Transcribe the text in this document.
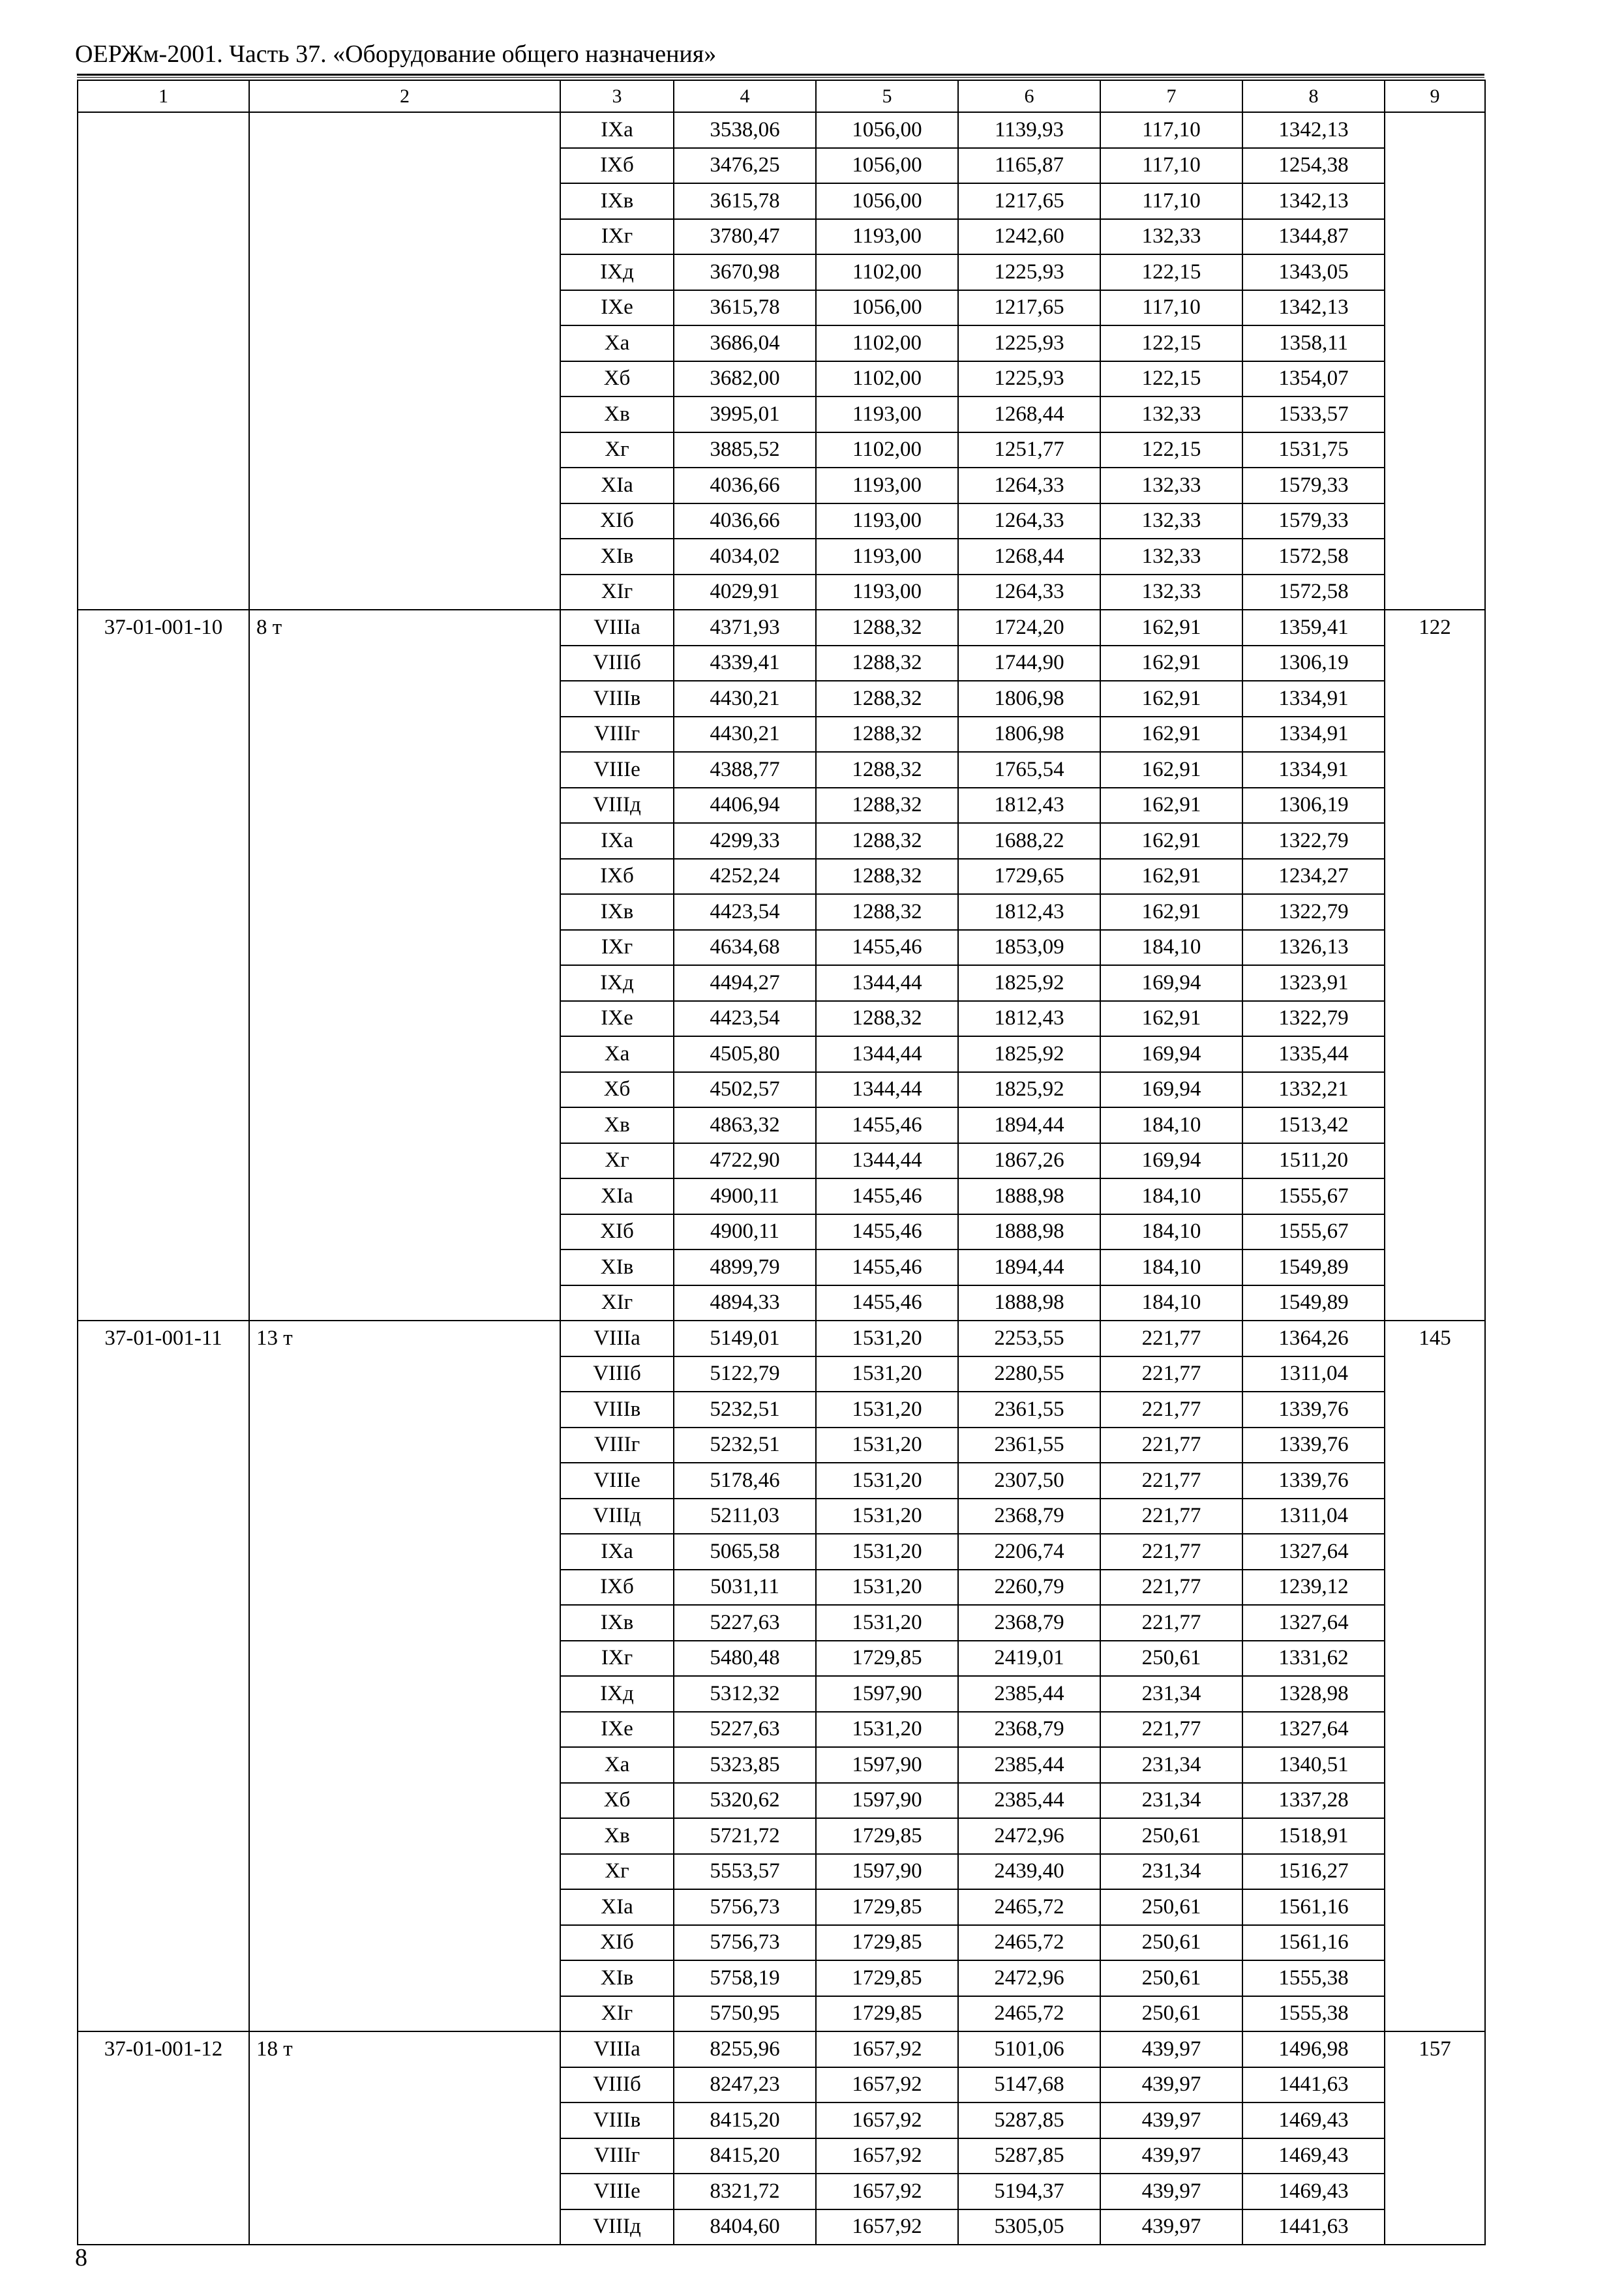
ОЕРЖм-2001. Часть 37. «Оборудование общего назначения»
1	2	3	4	5	6	7	8	9
		IXа	3538,06	1056,00	1139,93	117,10	1342,13	
		IXб	3476,25	1056,00	1165,87	117,10	1254,38	
		IXв	3615,78	1056,00	1217,65	117,10	1342,13	
		IXг	3780,47	1193,00	1242,60	132,33	1344,87	
		IXд	3670,98	1102,00	1225,93	122,15	1343,05	
		IXе	3615,78	1056,00	1217,65	117,10	1342,13	
		Xа	3686,04	1102,00	1225,93	122,15	1358,11	
		Xб	3682,00	1102,00	1225,93	122,15	1354,07	
		Xв	3995,01	1193,00	1268,44	132,33	1533,57	
		Xг	3885,52	1102,00	1251,77	122,15	1531,75	
		XIа	4036,66	1193,00	1264,33	132,33	1579,33	
		XIб	4036,66	1193,00	1264,33	132,33	1579,33	
		XIв	4034,02	1193,00	1268,44	132,33	1572,58	
		XIг	4029,91	1193,00	1264,33	132,33	1572,58	
37-01-001-10	8 т	VIIIа	4371,93	1288,32	1724,20	162,91	1359,41	122
		VIIIб	4339,41	1288,32	1744,90	162,91	1306,19	
		VIIIв	4430,21	1288,32	1806,98	162,91	1334,91	
		VIIIг	4430,21	1288,32	1806,98	162,91	1334,91	
		VIIIе	4388,77	1288,32	1765,54	162,91	1334,91	
		VIIIд	4406,94	1288,32	1812,43	162,91	1306,19	
		IXа	4299,33	1288,32	1688,22	162,91	1322,79	
		IXб	4252,24	1288,32	1729,65	162,91	1234,27	
		IXв	4423,54	1288,32	1812,43	162,91	1322,79	
		IXг	4634,68	1455,46	1853,09	184,10	1326,13	
		IXд	4494,27	1344,44	1825,92	169,94	1323,91	
		IXе	4423,54	1288,32	1812,43	162,91	1322,79	
		Xа	4505,80	1344,44	1825,92	169,94	1335,44	
		Xб	4502,57	1344,44	1825,92	169,94	1332,21	
		Xв	4863,32	1455,46	1894,44	184,10	1513,42	
		Xг	4722,90	1344,44	1867,26	169,94	1511,20	
		XIа	4900,11	1455,46	1888,98	184,10	1555,67	
		XIб	4900,11	1455,46	1888,98	184,10	1555,67	
		XIв	4899,79	1455,46	1894,44	184,10	1549,89	
		XIг	4894,33	1455,46	1888,98	184,10	1549,89	
37-01-001-11	13 т	VIIIа	5149,01	1531,20	2253,55	221,77	1364,26	145
		VIIIб	5122,79	1531,20	2280,55	221,77	1311,04	
		VIIIв	5232,51	1531,20	2361,55	221,77	1339,76	
		VIIIг	5232,51	1531,20	2361,55	221,77	1339,76	
		VIIIе	5178,46	1531,20	2307,50	221,77	1339,76	
		VIIIд	5211,03	1531,20	2368,79	221,77	1311,04	
		IXа	5065,58	1531,20	2206,74	221,77	1327,64	
		IXб	5031,11	1531,20	2260,79	221,77	1239,12	
		IXв	5227,63	1531,20	2368,79	221,77	1327,64	
		IXг	5480,48	1729,85	2419,01	250,61	1331,62	
		IXд	5312,32	1597,90	2385,44	231,34	1328,98	
		IXе	5227,63	1531,20	2368,79	221,77	1327,64	
		Xа	5323,85	1597,90	2385,44	231,34	1340,51	
		Xб	5320,62	1597,90	2385,44	231,34	1337,28	
		Xв	5721,72	1729,85	2472,96	250,61	1518,91	
		Xг	5553,57	1597,90	2439,40	231,34	1516,27	
		XIа	5756,73	1729,85	2465,72	250,61	1561,16	
		XIб	5756,73	1729,85	2465,72	250,61	1561,16	
		XIв	5758,19	1729,85	2472,96	250,61	1555,38	
		XIг	5750,95	1729,85	2465,72	250,61	1555,38	
37-01-001-12	18 т	VIIIа	8255,96	1657,92	5101,06	439,97	1496,98	157
		VIIIб	8247,23	1657,92	5147,68	439,97	1441,63	
		VIIIв	8415,20	1657,92	5287,85	439,97	1469,43	
		VIIIг	8415,20	1657,92	5287,85	439,97	1469,43	
		VIIIе	8321,72	1657,92	5194,37	439,97	1469,43	
		VIIIд	8404,60	1657,92	5305,05	439,97	1441,63	
8
